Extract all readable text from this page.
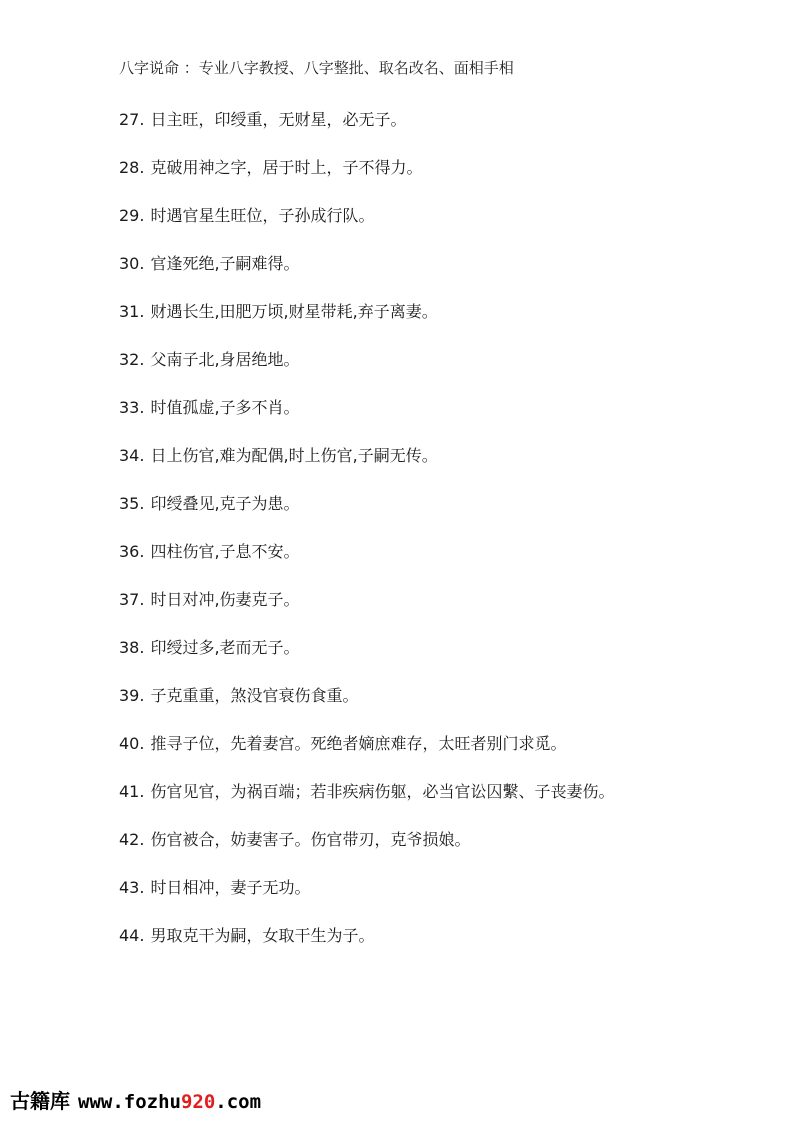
八字说命 ：专业八字教授、八字整批、取名改名、面相手相
27. 日主旺，印绶重，无财星，必无子。
28. 克破用神之字，居于时上，子不得力。
29. 时遇官星生旺位，子孙成行队。
30. 官逢死绝,子嗣难得。
31. 财遇长生,田肥万顷,财星带耗,弃子离妻。
32. 父南子北,身居绝地。
33. 时值孤虚,子多不肖。
34. 日上伤官,难为配偶,时上伤官,子嗣无传。
35. 印绶叠见,克子为患。
36. 四柱伤官,子息不安。
37. 时日对冲,伤妻克子。
38. 印绶过多,老而无子。
39. 子克重重，煞没官衰伤食重。
40. 推寻子位，先着妻宫。死绝者嫡庶难存，太旺者别门求觅。
41. 伤官见官，为祸百端；若非疾病伤躯，必当官讼囚繫、子丧妻伤。
42. 伤官被合，妨妻害子。伤官带刃，克爷损娘。
43. 时日相冲，妻子无功。
44. 男取克干为嗣，女取干生为子。
古籍库 www.fozhu920.com
